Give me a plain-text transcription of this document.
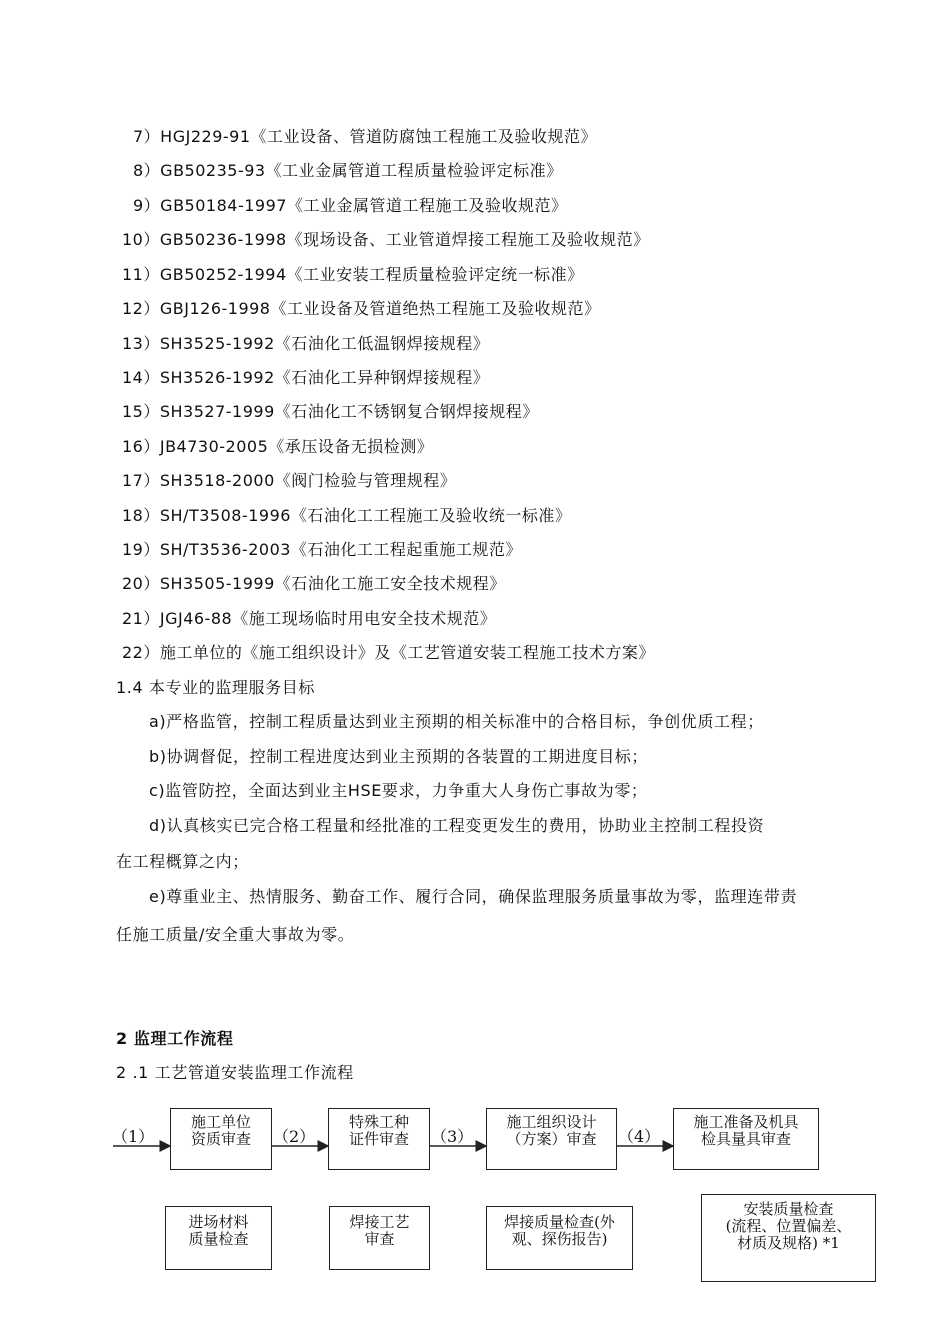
7）HGJ229-91《工业设备、管道防腐蚀工程施工及验收规范》
8）GB50235-93《工业金属管道工程质量检验评定标准》
9）GB50184-1997《工业金属管道工程施工及验收规范》
10）GB50236-1998《现场设备、工业管道焊接工程施工及验收规范》
11）GB50252-1994《工业安装工程质量检验评定统一标准》
12）GBJ126-1998《工业设备及管道绝热工程施工及验收规范》
13）SH3525-1992《石油化工低温钢焊接规程》
14）SH3526-1992《石油化工异种钢焊接规程》
15）SH3527-1999《石油化工不锈钢复合钢焊接规程》
16）JB4730-2005《承压设备无损检测》
17）SH3518-2000《阀门检验与管理规程》
18）SH/T3508-1996《石油化工工程施工及验收统一标准》
19）SH/T3536-2003《石油化工工程起重施工规范》
20）SH3505-1999《石油化工施工安全技术规程》
21）JGJ46-88《施工现场临时用电安全技术规范》
22）施工单位的《施工组织设计》及《工艺管道安装工程施工技术方案》
1.4 本专业的监理服务目标
a)严格监管，控制工程质量达到业主预期的相关标准中的合格目标，争创优质工程；
b)协调督促，控制工程进度达到业主预期的各装置的工期进度目标；
c)监管防控，全面达到业主HSE要求，力争重大人身伤亡事故为零；
d)认真核实已完合格工程量和经批准的工程变更发生的费用，协助业主控制工程投资
在工程概算之内；
e)尊重业主、热情服务、勤奋工作、履行合同，确保监理服务质量事故为零，监理连带责
任施工质量/安全重大事故为零。
2 监理工作流程
2 .1 工艺管道安装监理工作流程
（1）	（2）	（3）	（4）
施工单位
资质审查
特殊工种
证件审查
施工组织设计
（方案）审查
施工准备及机具
检具量具审查
进场材料
质量检查
焊接工艺
审查
焊接质量检查(外
观、探伤报告)
安装质量检查
(流程、位置偏差、
材质及规格) *1
